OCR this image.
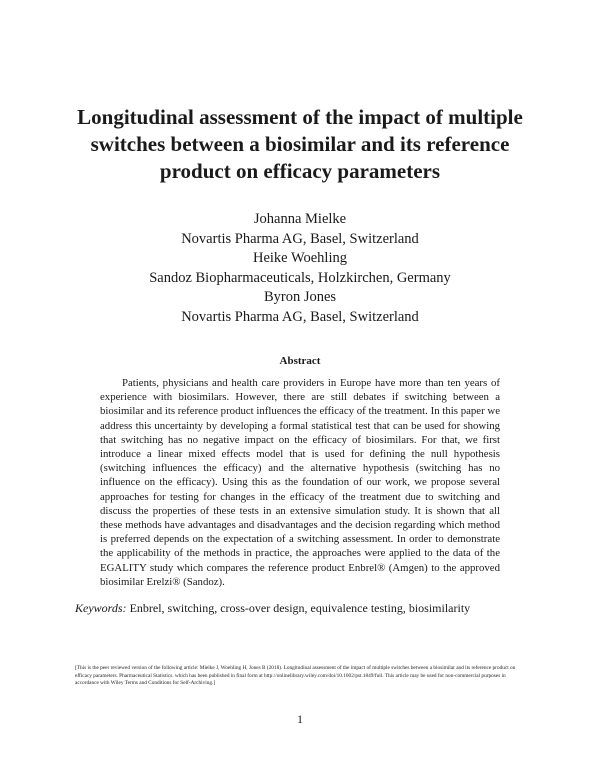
Longitudinal assessment of the impact of multiple switches between a biosimilar and its reference product on efficacy parameters
Johanna Mielke
Novartis Pharma AG, Basel, Switzerland
Heike Woehling
Sandoz Biopharmaceuticals, Holzkirchen, Germany
Byron Jones
Novartis Pharma AG, Basel, Switzerland
Abstract

Patients, physicians and health care providers in Europe have more than ten years of experience with biosimilars. However, there are still debates if switching between a biosimilar and its reference product influences the efficacy of the treatment. In this paper we address this uncertainty by developing a formal statistical test that can be used for showing that switching has no negative impact on the efficacy of biosimilars. For that, we first introduce a linear mixed effects model that is used for defining the null hypothesis (switching influences the efficacy) and the alternative hypothesis (switching has no influence on the efficacy). Using this as the foundation of our work, we propose several approaches for testing for changes in the efficacy of the treatment due to switching and discuss the properties of these tests in an extensive simulation study. It is shown that all these methods have advantages and disadvantages and the decision regarding which method is preferred depends on the expectation of a switching assessment. In order to demonstrate the applicability of the methods in practice, the approaches were applied to the data of the EGALITY study which compares the reference product Enbrel® (Amgen) to the approved biosimilar Erelzi® (Sandoz).

Keywords: Enbrel, switching, cross-over design, equivalence testing, biosimilarity

[This is the peer reviewed version of the following article: Mielke J, Woehling H, Jones B (2018). Longitudinal assessment of the impact of multiple switches between a biosimilar and its reference product on efficacy parameters. Pharmaceutical Statistics. which has been published in final form at http://onlinelibrary.wiley.com/doi/10.1002/pst.1849/full. This article may be used for non-commercial purposes in accordance with Wiley Terms and Conditions for Self-Archiving.]

1
